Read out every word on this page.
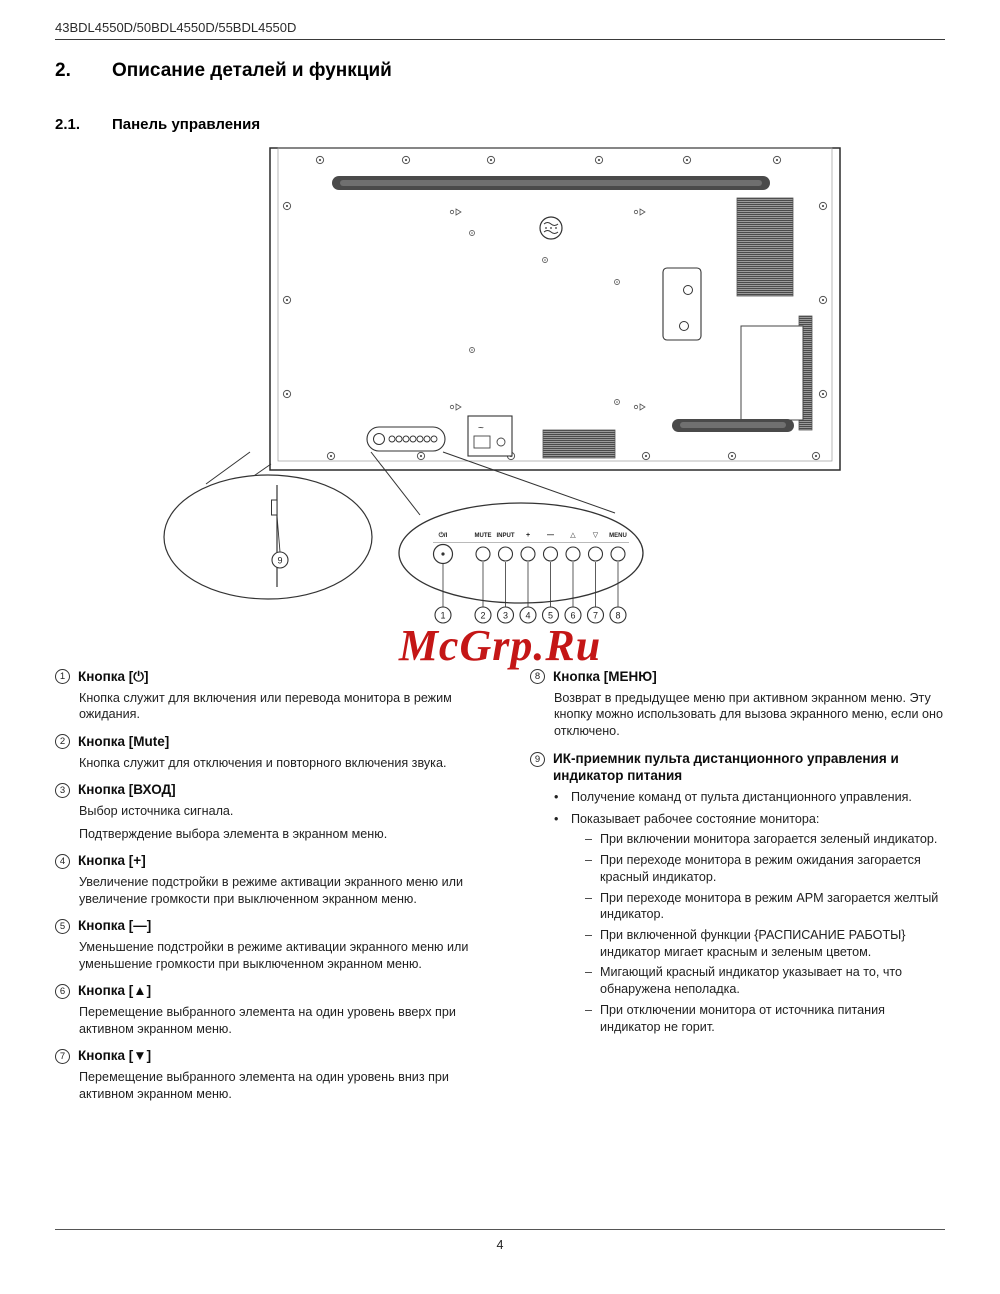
43BDL4550D/50BDL4550D/55BDL4550D
2.	Описание деталей и функций
2.1.	Панель управления
~
9
⏻/I	MUTE INPUT + — △ ▽ MENU
1	2 3 4 5 6 7 8
McGrp.Ru
1 Кнопка [⏻]

Кнопка служит для включения или перевода монитора в режим ожидания.

2 Кнопка [Mute]

Кнопка служит для отключения и повторного включения звука.

3 Кнопка [ВХОД]

Выбор источника сигнала.

Подтверждение выбора элемента в экранном меню.

4 Кнопка [+]

Увеличение подстройки в режиме активации экранного меню или увеличение громкости при выключенном экранном меню.

5 Кнопка [—]

Уменьшение подстройки в режиме активации экранного меню или уменьшение громкости при выключенном экранном меню.

6 Кнопка [▲]

Перемещение выбранного элемента на один уровень вверх при активном экранном меню.

7 Кнопка [▼]

Перемещение выбранного элемента на один уровень вниз при активном экранном меню.

8 Кнопка [МЕНЮ]

Возврат в предыдущее меню при активном экранном меню. Эту кнопку можно использовать для вызова экранного меню, если оно отключено.

9 ИК-приемник пульта дистанционного управления и индикатор питания
• Получение команд от пульта дистанционного управления.

• Показывает рабочее состояние монитора:

– При включении монитора загорается зеленый индикатор.

– При переходе монитора в режим ожидания загорается красный индикатор.

– При переходе монитора в режим APM загорается желтый индикатор.

– При включенной функции {РАСПИСАНИЕ РАБОТЫ} индикатор мигает красным и зеленым цветом.

– Мигающий красный индикатор указывает на то, что обнаружена неполадка.

– При отключении монитора от источника питания индикатор не горит.

4
